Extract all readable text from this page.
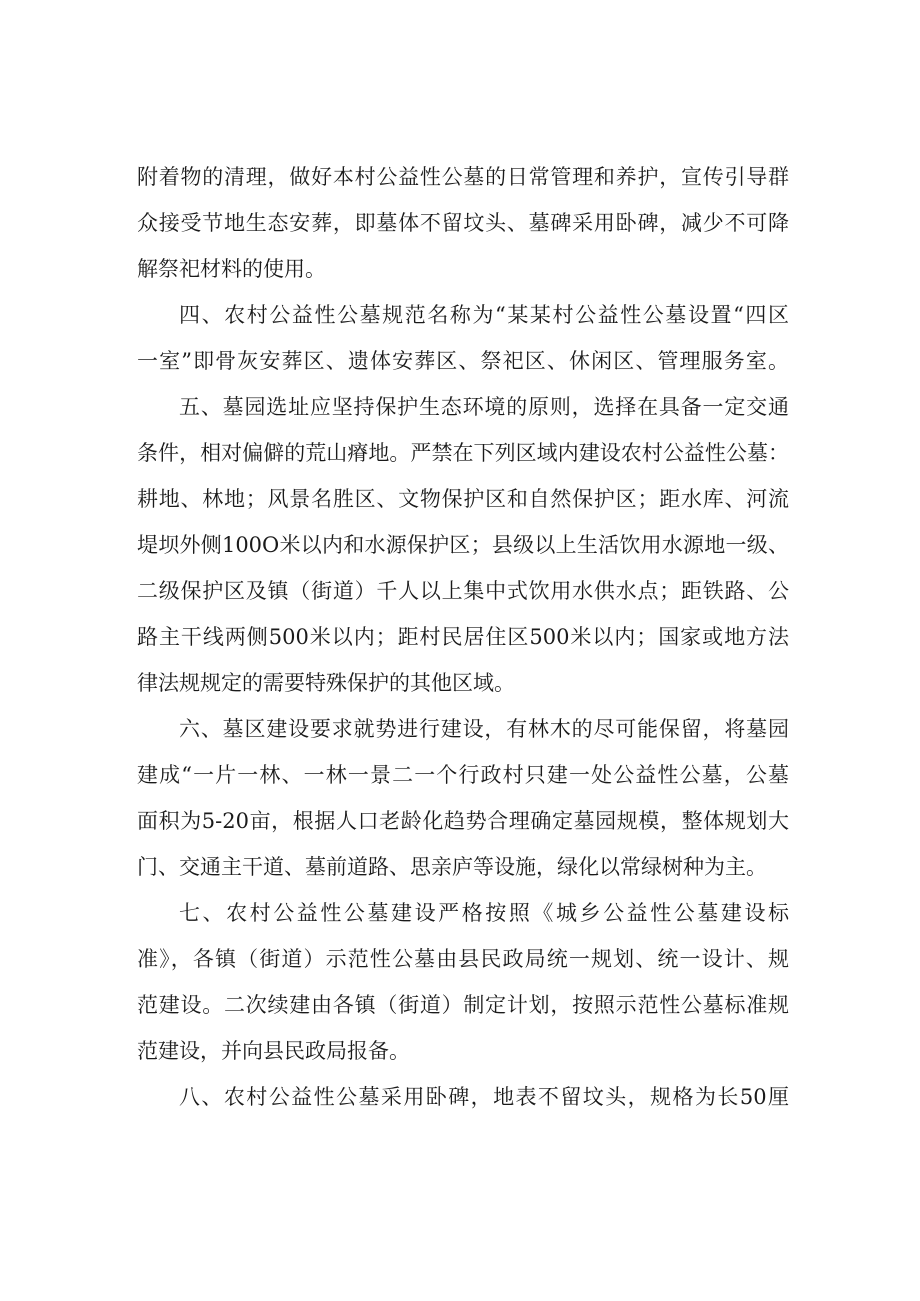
附着物的清理，做好本村公益性公墓的日常管理和养护，宣传引导群
众接受节地生态安葬，即墓体不留坟头、墓碑采用卧碑，减少不可降
解祭祀材料的使用。
四、农村公益性公墓规范名称为“某某村公益性公墓设置“四区
一室”即骨灰安葬区、遗体安葬区、祭祀区、休闲区、管理服务室。
五、墓园选址应坚持保护生态环境的原则，选择在具备一定交通
条件，相对偏僻的荒山瘠地。严禁在下列区域内建设农村公益性公墓：
耕地、林地；风景名胜区、文物保护区和自然保护区；距水库、河流
堤坝外侧100O米以内和水源保护区；县级以上生活饮用水源地一级、
二级保护区及镇（街道）千人以上集中式饮用水供水点；距铁路、公
路主干线两侧500米以内；距村民居住区500米以内；国家或地方法
律法规规定的需要特殊保护的其他区域。
六、墓区建设要求就势进行建设，有林木的尽可能保留，将墓园
建成“一片一林、一林一景二一个行政村只建一处公益性公墓，公墓
面积为5-20亩，根据人口老龄化趋势合理确定墓园规模，整体规划大
门、交通主干道、墓前道路、思亲庐等设施，绿化以常绿树种为主。
七、农村公益性公墓建设严格按照《城乡公益性公墓建设标
准》，各镇（街道）示范性公墓由县民政局统一规划、统一设计、规
范建设。二次续建由各镇（街道）制定计划，按照示范性公墓标准规
范建设，并向县民政局报备。
八、农村公益性公墓采用卧碑，地表不留坟头，规格为长50厘
